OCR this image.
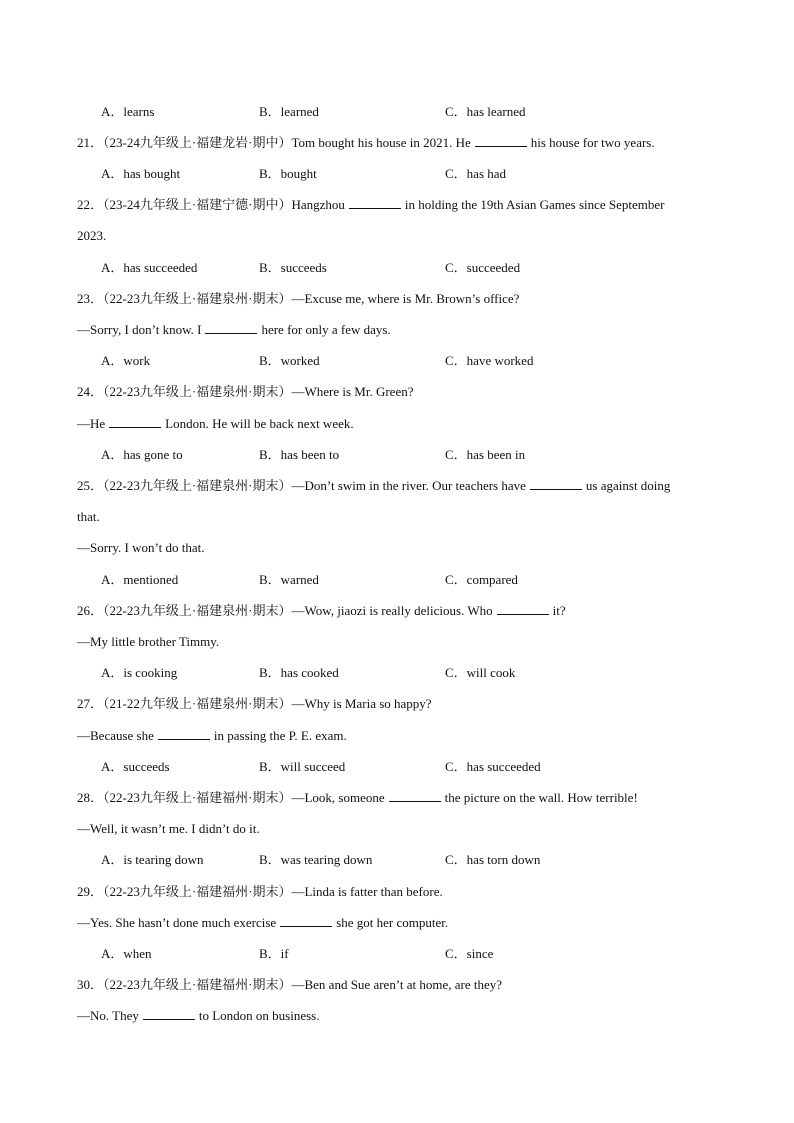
A．learns	B．learned	C．has learned
21．（23-24九年级上·福建龙岩·期中）Tom bought his house in 2021. He	his house for two years.
A．has bought	B．bought	C．has had
22．（23-24九年级上·福建宁德·期中）Hangzhou	in holding the 19th Asian Games since September
2023.
A．has succeeded	B．succeeds	C．succeeded
23．（22-23九年级上·福建泉州·期末）—Excuse me, where is Mr. Brown’s office?
—Sorry, I don’t know. I	here for only a few days.
A．work	B．worked	C．have worked
24．（22-23九年级上·福建泉州·期末）—Where is Mr. Green?
—He	London. He will be back next week.
A．has gone to	B．has been to	C．has been in
25．（22-23九年级上·福建泉州·期末）—Don’t swim in the river. Our teachers have	us against doing
that.
—Sorry. I won’t do that.
A．mentioned	B．warned	C．compared
26．（22-23九年级上·福建泉州·期末）—Wow, jiaozi is really delicious. Who	it?
—My little brother Timmy.
A．is cooking	B．has cooked	C．will cook
27．（21-22九年级上·福建泉州·期末）—Why is Maria so happy?
—Because she	in passing the P. E. exam.
A．succeeds	B．will succeed	C．has succeeded
28．（22-23九年级上·福建福州·期末）—Look, someone	the picture on the wall. How terrible!
—Well, it wasn’t me. I didn’t do it.
A．is tearing down	B．was tearing down	C．has torn down
29．（22-23九年级上·福建福州·期末）—Linda is fatter than before.
—Yes. She hasn’t done much exercise	she got her computer.
A．when	B．if	C．since
30．（22-23九年级上·福建福州·期末）—Ben and Sue aren’t at home, are they?
—No. They	to London on business.
